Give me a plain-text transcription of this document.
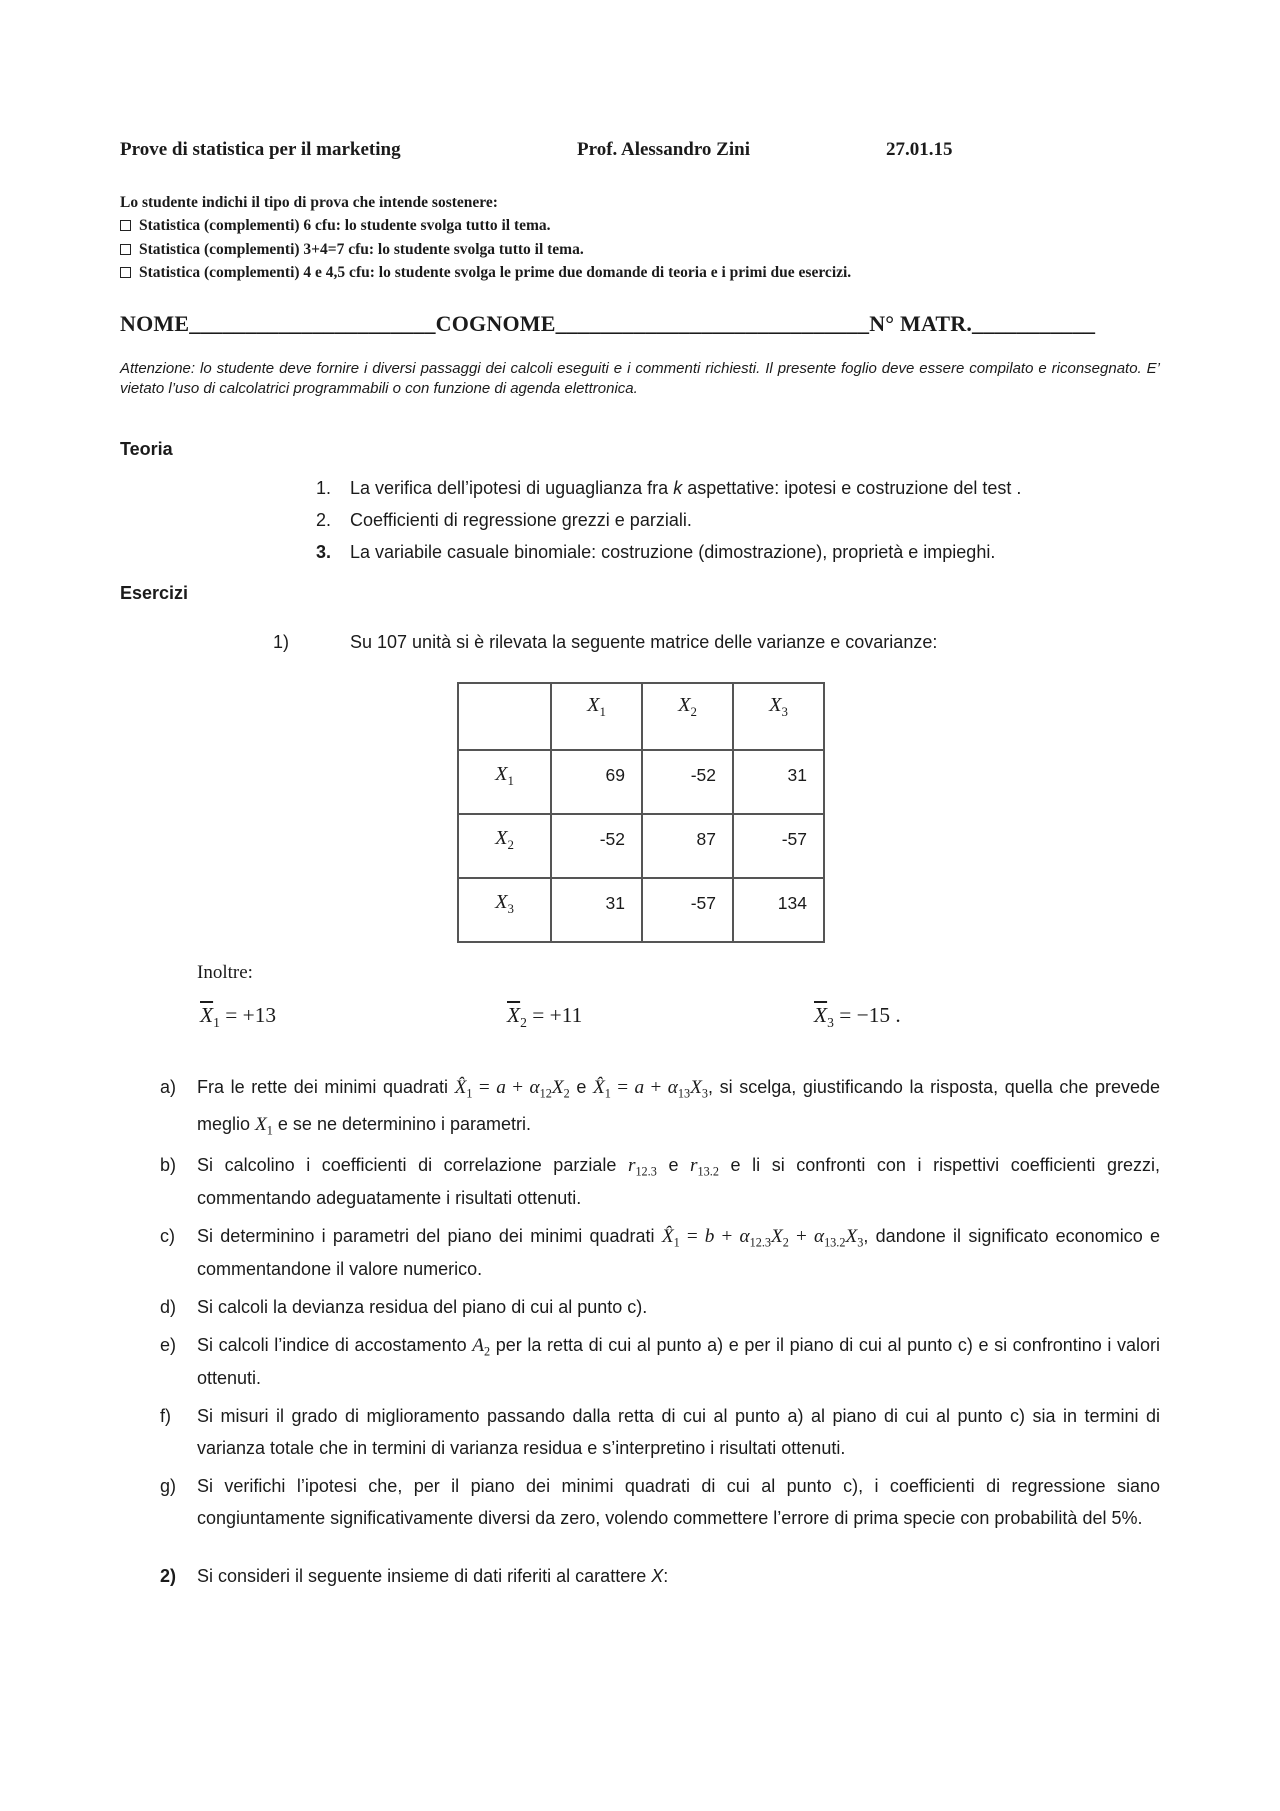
Prove di statistica per il marketing	Prof. Alessandro Zini	27.01.15
Lo studente indichi il tipo di prova che intende sostenere:
Statistica (complementi) 6 cfu: lo studente svolga tutto il tema.
Statistica (complementi) 3+4=7 cfu: lo studente svolga tutto il tema.
Statistica (complementi) 4 e 4,5 cfu: lo studente svolga le prime due domande di teoria e i primi due esercizi.
NOME______________________COGNOME____________________________N° MATR.___________
Attenzione: lo studente deve fornire i diversi passaggi dei calcoli eseguiti e i commenti richiesti. Il presente foglio deve essere compilato e riconsegnato. E’ vietato l’uso di calcolatrici programmabili o con funzione di agenda elettronica.
Teoria
1.	La verifica dell’ipotesi di uguaglianza fra k aspettative: ipotesi e costruzione del test .
2.	Coefficienti di regressione grezzi e parziali.
3.	La variabile casuale binomiale: costruzione (dimostrazione), proprietà e impieghi.
Esercizi
1)	Su 107 unità si è rilevata la seguente matrice delle varianze e covarianze:
	$X_1$	$X_2$	$X_3$
$X_1$	69	-52	31
$X_2$	-52	87	-57
$X_3$	31	-57	134
Inoltre:
$\overline{X}_1 = +13$	$\overline{X}_2 = +11$	$\overline{X}_3 = -15$ .
a)	Fra le rette dei minimi quadrati $X̂_1 = a + \alpha_{12}X_2$ e $X̂_1 = a + \alpha_{13}X_3$, si scelga, giustificando la risposta, quella che prevede meglio $X_1$ e se ne determinino i parametri.
b)	Si calcolino i coefficienti di correlazione parziale $r_{12.3}$ e $r_{13.2}$ e li si confronti con i rispettivi coefficienti grezzi, commentando adeguatamente i risultati ottenuti.
c)	Si determinino i parametri del piano dei minimi quadrati $X̂_1 = b + \alpha_{12.3}X_2 + \alpha_{13.2}X_3$, dandone il significato economico e commentandone il valore numerico.
d)	Si calcoli la devianza residua del piano di cui al punto c).
e)	Si calcoli l’indice di accostamento $A_2$ per la retta di cui al punto a) e per il piano di cui al punto c) e si confrontino i valori ottenuti.
f)	Si misuri il grado di miglioramento passando dalla retta di cui al punto a) al piano di cui al punto c) sia in termini di varianza totale che in termini di varianza residua e s’interpretino i risultati ottenuti.
g)	Si verifichi l’ipotesi che, per il piano dei minimi quadrati di cui al punto c), i coefficienti di regressione siano congiuntamente significativamente diversi da zero, volendo commettere l’errore di prima specie con probabilità del 5%.
2)	Si consideri il seguente insieme di dati riferiti al carattere X:
